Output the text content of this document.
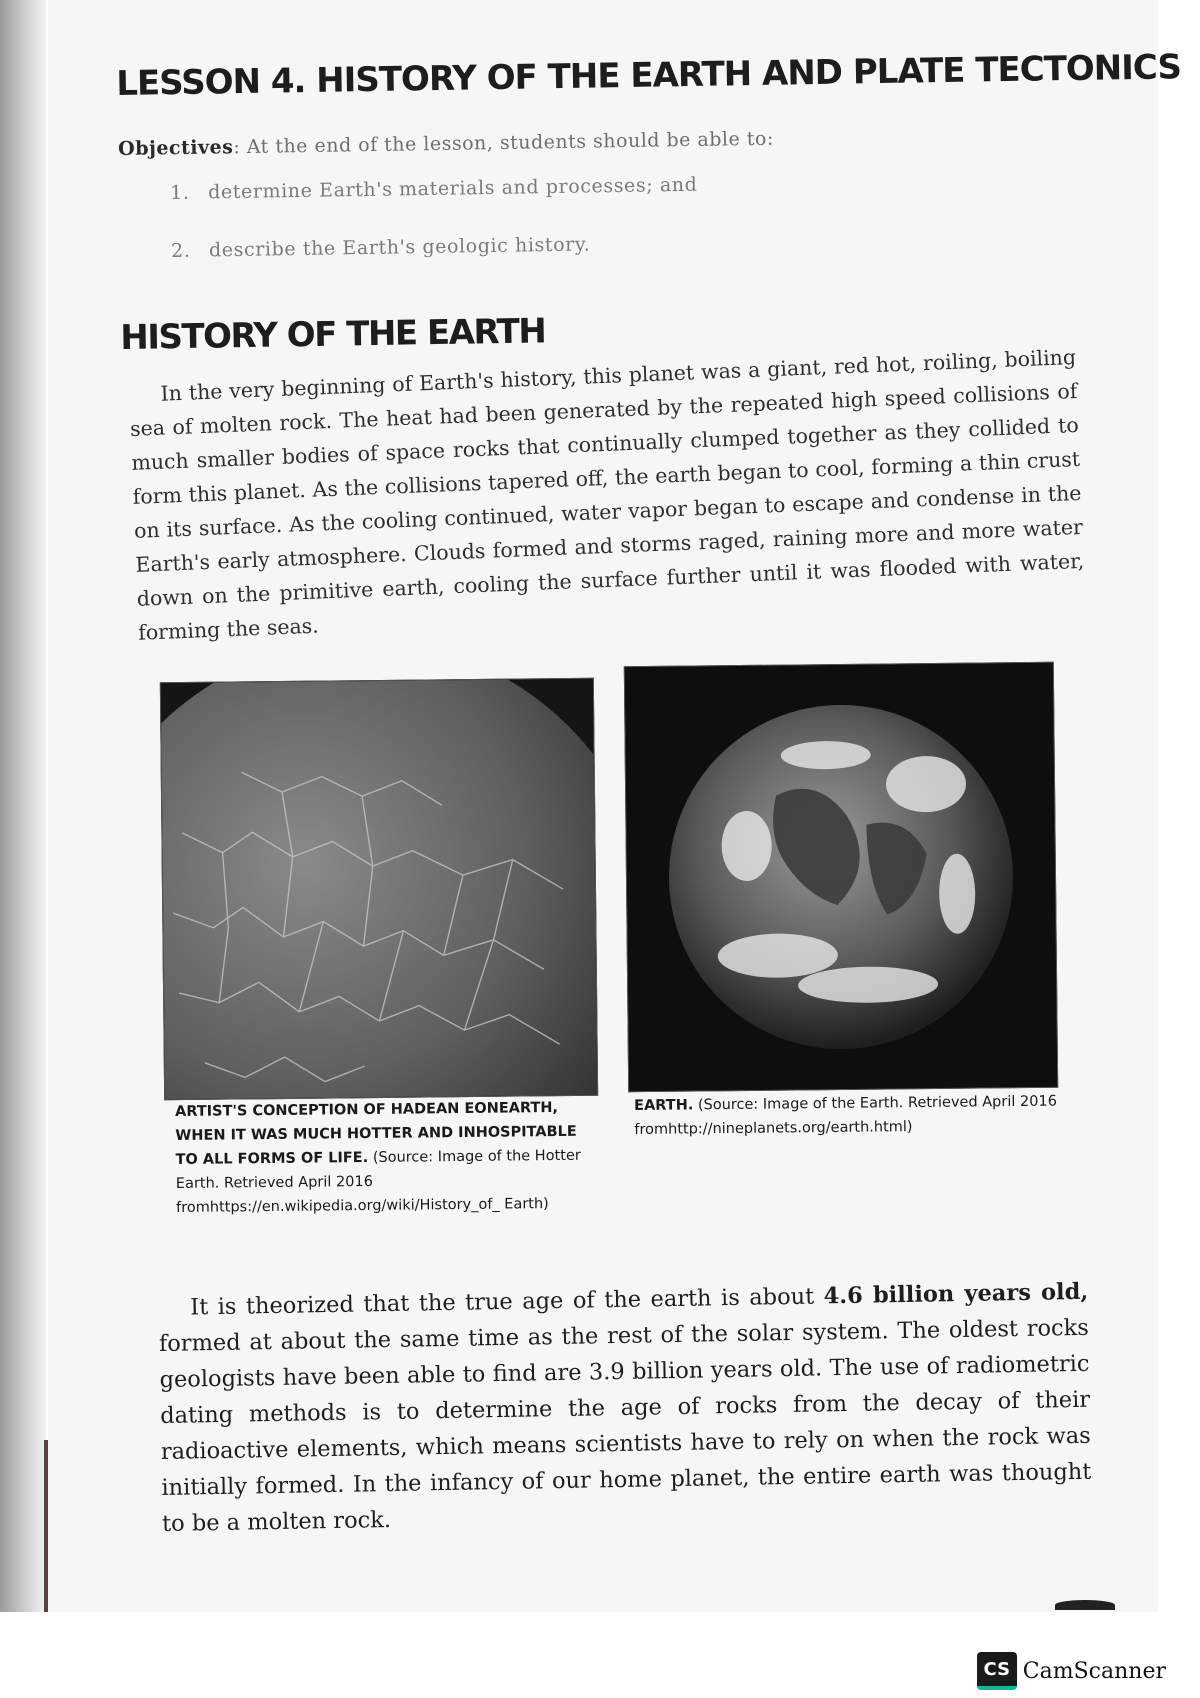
LESSON 4. HISTORY OF THE EARTH AND PLATE TECTONICS
Objectives: At the end of the lesson, students should be able to:
1. determine Earth's materials and processes; and
2. describe the Earth's geologic history.
HISTORY OF THE EARTH

In the very beginning of Earth's history, this planet was a giant, red hot, roiling, boiling sea of molten rock. The heat had been generated by the repeated high speed collisions of much smaller bodies of space rocks that continually clumped together as they collided to form this planet. As the collisions tapered off, the earth began to cool, forming a thin crust on its surface. As the cooling continued, water vapor began to escape and condense in the Earth's early atmosphere. Clouds formed and storms raged, raining more and more water down on the primitive earth, cooling the surface further until it was flooded with water, forming the seas.

ARTIST'S CONCEPTION OF HADEAN EONEARTH, WHEN IT WAS MUCH HOTTER AND INHOSPITABLE TO ALL FORMS OF LIFE. (Source: Image of the Hotter Earth. Retrieved April 2016 fromhttps://en.wikipedia.org/wiki/History_of_ Earth)

EARTH. (Source: Image of the Earth. Retrieved April 2016 fromhttp://nineplanets.org/earth.html)

It is theorized that the true age of the earth is about 4.6 billion years old, formed at about the same time as the rest of the solar system. The oldest rocks geologists have been able to find are 3.9 billion years old. The use of radiometric dating methods is to determine the age of rocks from the decay of their radioactive elements, which means scientists have to rely on when the rock was initially formed. In the infancy of our home planet, the entire earth was thought to be a molten rock.

CS CamScanner
